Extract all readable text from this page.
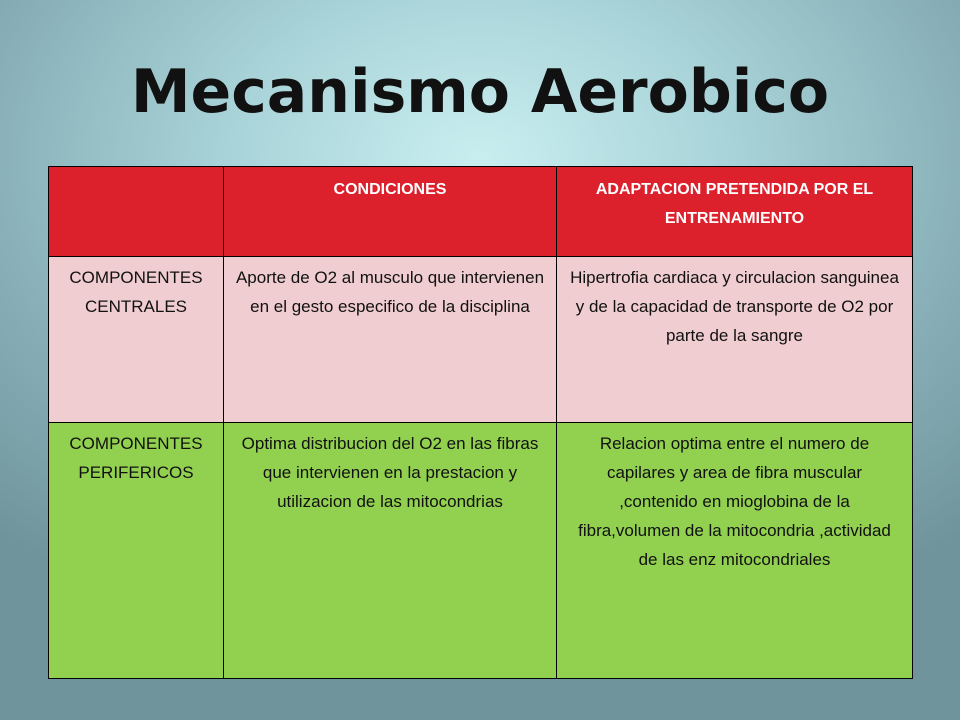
Mecanismo Aerobico
	CONDICIONES	ADAPTACION PRETENDIDA POR EL ENTRENAMIENTO
COMPONENTES CENTRALES	Aporte de O2 al musculo que intervienen en el gesto especifico de la disciplina	Hipertrofia cardiaca y circulacion sanguinea y de la capacidad de transporte de O2 por parte de la sangre
COMPONENTES PERIFERICOS	Optima distribucion del O2 en las fibras que intervienen en la prestacion y utilizacion de las mitocondrias	Relacion optima entre el numero de capilares y area de fibra muscular ,contenido en mioglobina de la fibra,volumen de la mitocondria ,actividad de las enz mitocondriales
